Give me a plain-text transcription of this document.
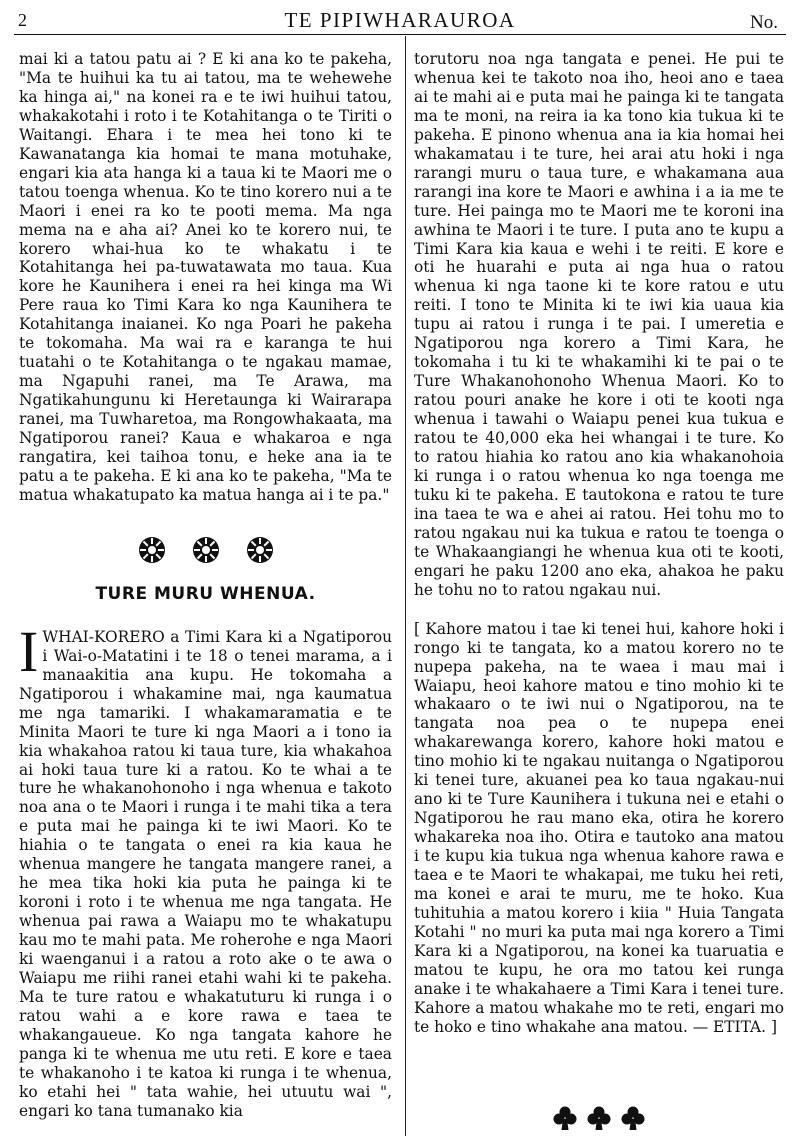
2	TE PIPIWHARAUROA	No.

mai ki a tatou patu ai ? E ki ana ko te pakeha, "Ma te huihui ka tu ai tatou, ma te wehewehe ka hinga ai," na konei ra e te iwi huihui tatou, whakakotahi i roto i te Kotahitanga o te Tiriti o Waitangi. Ehara i te mea hei tono ki te Kawanatanga kia homai te mana motuhake, engari kia ata hanga ki a taua ki te Maori me o tatou toenga whenua. Ko te tino korero nui a te Maori i enei ra ko te pooti mema. Ma nga mema na e aha ai? Anei ko te korero nui, te korero whai-hua ko te whakatu i te Kotahitanga hei pa-tuwatawata mo taua. Kua kore he Kaunihera i enei ra hei kinga ma Wi Pere raua ko Timi Kara ko nga Kaunihera te Kotahitanga inaianei. Ko nga Poari he pakeha te tokomaha. Ma wai ra e karanga te hui tuatahi o te Kotahitanga o te ngakau mamae, ma Ngapuhi ranei, ma Te Arawa, ma Ngatikahungunu ki Heretaunga ki Wairarapa ranei, ma Tuwharetoa, ma Rongowhakaata, ma Ngatiporou ranei? Kaua e whakaroa e nga rangatira, kei taihoa tonu, e heke ana ia te patu a te pakeha. E ki ana ko te pakeha, "Ma te matua whakatupato ka matua hanga ai i te pa."

TURE MURU WHENUA.

IWHAI-KORERO a Timi Kara ki a Ngatiporou i Wai-o-Matatini i te 18 o tenei marama, a i manaakitia ana kupu. He tokomaha a Ngatiporou i whakamine mai, nga kaumatua me nga tamariki. I whakamaramatia e te Minita Maori te ture ki nga Maori a i tono ia kia whakahoa ratou ki taua ture, kia whakahoa ai hoki taua ture ki a ratou. Ko te whai a te ture he whakanohonoho i nga whenua e takoto noa ana o te Maori i runga i te mahi tika a tera e puta mai he painga ki te iwi Maori. Ko te hiahia o te tangata o enei ra kia kaua he whenua mangere he tangata mangere ranei, a he mea tika hoki kia puta he painga ki te koroni i roto i te whenua me nga tangata. He whenua pai rawa a Waiapu mo te whakatupu kau mo te mahi pata. Me roherohe e nga Maori ki waenganui i a ratou a roto ake o te awa o Waiapu me riihi ranei etahi wahi ki te pakeha. Ma te ture ratou e whakatuturu ki runga i o ratou wahi a e kore rawa e taea te whakangaueue. Ko nga tangata kahore he panga ki te whenua me utu reti. E kore e taea te whakanoho i te katoa ki runga i te whenua, ko etahi hei " tata wahie, hei utuutu wai ", engari ko tana tumanako kia

torutoru noa nga tangata e penei. He pui te whenua kei te takoto noa iho, heoi ano e taea ai te mahi ai e puta mai he painga ki te tangata ma te moni, na reira ia ka tono kia tukua ki te pakeha. E pinono whenua ana ia kia homai hei whakamatau i te ture, hei arai atu hoki i nga rarangi muru o taua ture, e whakamana aua rarangi ina kore te Maori e awhina i a ia me te ture. Hei painga mo te Maori me te koroni ina awhina te Maori i te ture. I puta ano te kupu a Timi Kara kia kaua e wehi i te reiti. E kore e oti he huarahi e puta ai nga hua o ratou whenua ki nga taone ki te kore ratou e utu reiti. I tono te Minita ki te iwi kia uaua kia tupu ai ratou i runga i te pai. I umeretia e Ngatiporou nga korero a Timi Kara, he tokomaha i tu ki te whakamihi ki te pai o te Ture Whakanohonoho Whenua Maori. Ko to ratou pouri anake he kore i oti te kooti nga whenua i tawahi o Waiapu penei kua tukua e ratou te 40,000 eka hei whangai i te ture. Ko to ratou hiahia ko ratou ano kia whakanohoia ki runga i o ratou whenua ko nga toenga me tuku ki te pakeha. E tautokona e ratou te ture ina taea te wa e ahei ai ratou. Hei tohu mo to ratou ngakau nui ka tukua e ratou te toenga o te Whakaangiangi he whenua kua oti te kooti, engari he paku 1200 ano eka, ahakoa he paku he tohu no to ratou ngakau nui.

[ Kahore matou i tae ki tenei hui, kahore hoki i rongo ki te tangata, ko a matou korero no te nupepa pakeha, na te waea i mau mai i Waiapu, heoi kahore matou e tino mohio ki te whakaaro o te iwi nui o Ngatiporou, na te tangata noa pea o te nupepa enei whakarewanga korero, kahore hoki matou e tino mohio ki te ngakau nuitanga o Ngatiporou ki tenei ture, akuanei pea ko taua ngakau-nui ano ki te Ture Kaunihera i tukuna nei e etahi o Ngatiporou he rau mano eka, otira he korero whakareka noa iho. Otira e tautoko ana matou i te kupu kia tukua nga whenua kahore rawa e taea e te Maori te whakapai, me tuku hei reti, ma konei e arai te muru, me te hoko. Kua tuhituhia a matou korero i kiia " Huia Tangata Kotahi " no muri ka puta mai nga korero a Timi Kara ki a Ngatiporou, na konei ka tuaruatia e matou te kupu, he ora mo tatou kei runga anake i te whakahaere a Timi Kara i tenei ture. Kahore a matou whakahe mo te reti, engari mo te hoko e tino whakahe ana matou. — ETITA. ]
